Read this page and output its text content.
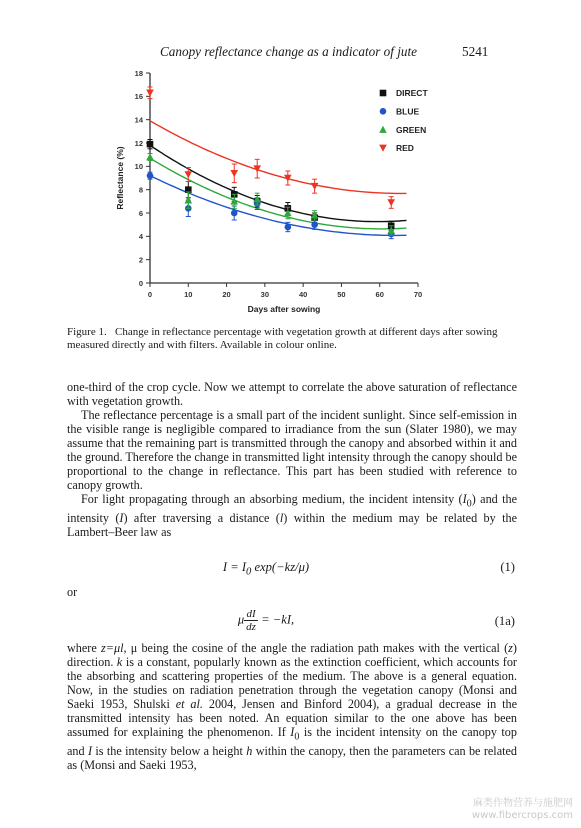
Canopy reflectance change as a indicator of jute	5241
0	10	20	30	40	50	60	70
0
2
4
6
8
10
12
14
16
18
Days after sowing
Reflectance (%)
DIRECT
BLUE
GREEN
RED
Figure 1. Change in reflectance percentage with vegetation growth at different days after sowing measured directly and with filters. Available in colour online.

one-third of the crop cycle. Now we attempt to correlate the above saturation of reflectance with vegetation growth.

The reflectance percentage is a small part of the incident sunlight. Since self-emission in the visible range is negligible compared to irradiance from the sun (Slater 1980), we may assume that the remaining part is transmitted through the canopy and absorbed within it and the ground. Therefore the change in transmitted light intensity through the canopy should be proportional to the change in reflectance. This part has been studied with reference to canopy growth.

For light propagating through an absorbing medium, the incident intensity $(I_0)$ and the intensity (I) after traversing a distance (l) within the medium may be related by the Lambert–Beer law as

$I = I_0$ exp(−kz/μ)	(1)
or
μ $\frac{dI}{dz} = -kI$,	(1a)

where z=μl, μ being the cosine of the angle the radiation path makes with the vertical (z) direction. k is a constant, popularly known as the extinction coefficient, which accounts for the absorbing and scattering properties of the medium. The above is a general equation. Now, in the studies on radiation penetration through the vegetation canopy (Monsi and Saeki 1953, Shulski et al. 2004, Jensen and Binford 2004), a gradual decrease in the transmitted intensity has been noted. An equation similar to the one above has been assumed for explaining the phenomenon. If $I_0$ is the incident intensity on the canopy top and I is the intensity below a height h within the canopy, then the parameters can be related as (Monsi and Saeki 1953,

麻类作物营养与施肥网
www.fibercrops.com
